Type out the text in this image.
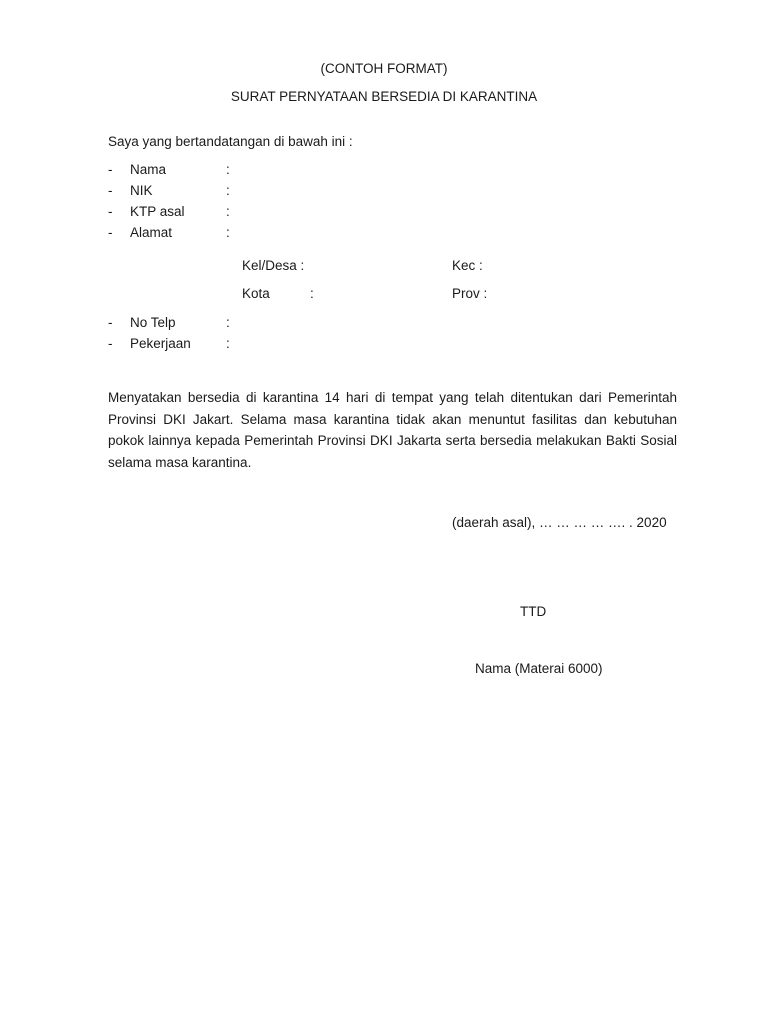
(CONTOH FORMAT)
SURAT PERNYATAAN BERSEDIA DI KARANTINA
Saya yang bertandatangan di bawah ini :
-	Nama	:
-	NIK	:
-	KTP asal	:
-	Alamat	:
Kel/Desa :	Kec :
Kota	:	Prov :
-	No Telp	:
-	Pekerjaan	:
Menyatakan bersedia di karantina 14 hari di tempat yang telah ditentukan dari Pemerintah Provinsi DKI Jakart. Selama masa karantina tidak akan menuntut fasilitas dan kebutuhan pokok lainnya kepada Pemerintah Provinsi DKI Jakarta serta bersedia melakukan Bakti Sosial selama masa karantina.
(daerah asal), … … … … …. . 2020
TTD
Nama (Materai 6000)
